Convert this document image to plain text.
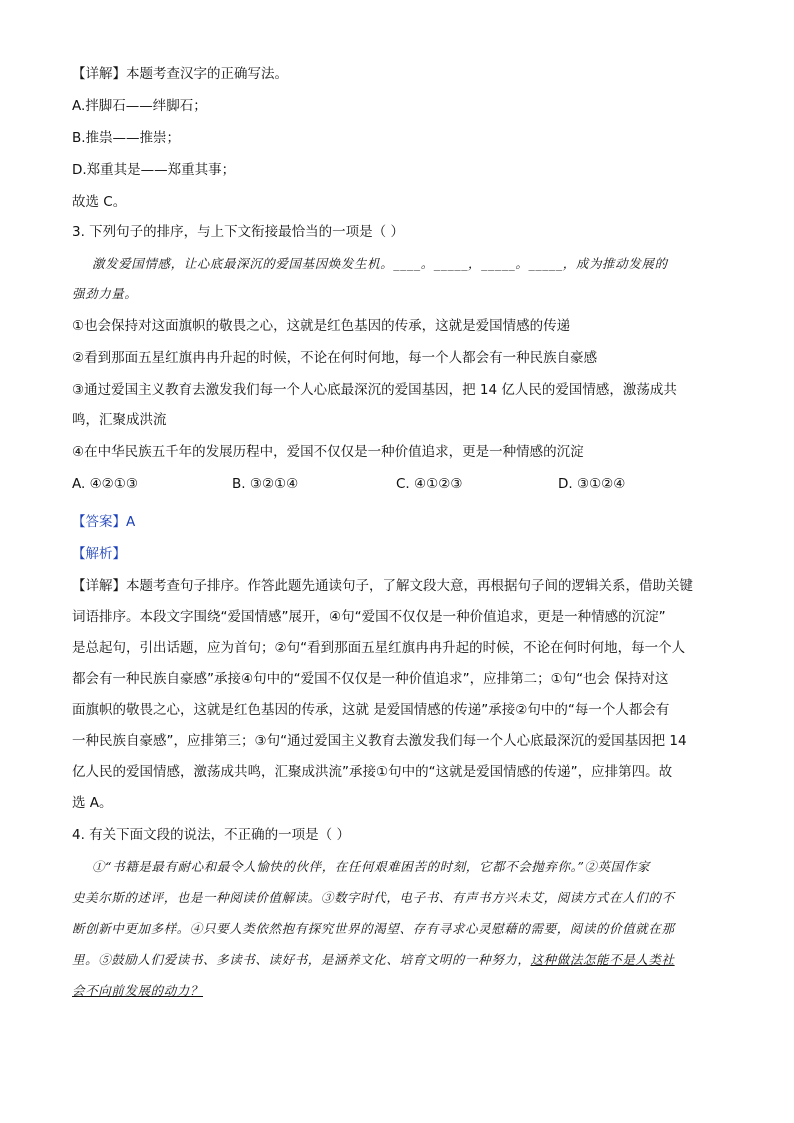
【详解】本题考查汉字的正确写法。
A.拌脚石——绊脚石；
B.推祟——推崇；
D.郑重其是——郑重其事；
故选 C。
3. 下列句子的排序，与上下文衔接最恰当的一项是（ ）
激发爱国情感，让心底最深沉的爱国基因焕发生机。____。_____，_____。_____，成为推动发展的
强劲力量。
①也会保持对这面旗帜的敬畏之心，这就是红色基因的传承，这就是爱国情感的传递
②看到那面五星红旗冉冉升起的时候，不论在何时何地，每一个人都会有一种民族自豪感
③通过爱国主义教育去激发我们每一个人心底最深沉的爱国基因，把 14 亿人民的爱国情感，激荡成共
鸣，汇聚成洪流
④在中华民族五千年的发展历程中，爱国不仅仅是一种价值追求，更是一种情感的沉淀
A. ④②①③	B. ③②①④	C. ④①②③	D. ③①②④
【答案】A
【解析】
【详解】本题考查句子排序。作答此题先通读句子，了解文段大意，再根据句子间的逻辑关系，借助关键
词语排序。本段文字围绕“爱国情感”展开，④句“爱国不仅仅是一种价值追求，更是一种情感的沉淀”
是总起句，引出话题，应为首句；②句“看到那面五星红旗冉冉升起的时候，不论在何时何地，每一个人
都会有一种民族自豪感”承接④句中的“爱国不仅仅是一种价值追求”，应排第二；①句“也会 保持对这
面旗帜的敬畏之心，这就是红色基因的传承，这就 是爱国情感的传递”承接②句中的“每一个人都会有
一种民族自豪感”，应排第三；③句“通过爱国主义教育去激发我们每一个人心底最深沉的爱国基因把 14
亿人民的爱国情感，激荡成共鸣，汇聚成洪流”承接①句中的“这就是爱国情感的传递”，应排第四。故
选 A。
4. 有关下面文段的说法，不正确的一项是（ ）
①“书籍是最有耐心和最令人愉快的伙伴，在任何艰难困苦的时刻，它都不会抛弃你。”②英国作家
史美尔斯的述评，也是一种阅读价值解读。③数字时代，电子书、有声书方兴未艾，阅读方式在人们的不
断创新中更加多样。④只要人类依然抱有探究世界的渴望、存有寻求心灵慰藉的需要，阅读的价值就在那
里。⑤鼓励人们爱读书、多读书、读好书，是涵养文化、培育文明的一种努力，这种做法怎能不是人类社
会不向前发展的动力？
